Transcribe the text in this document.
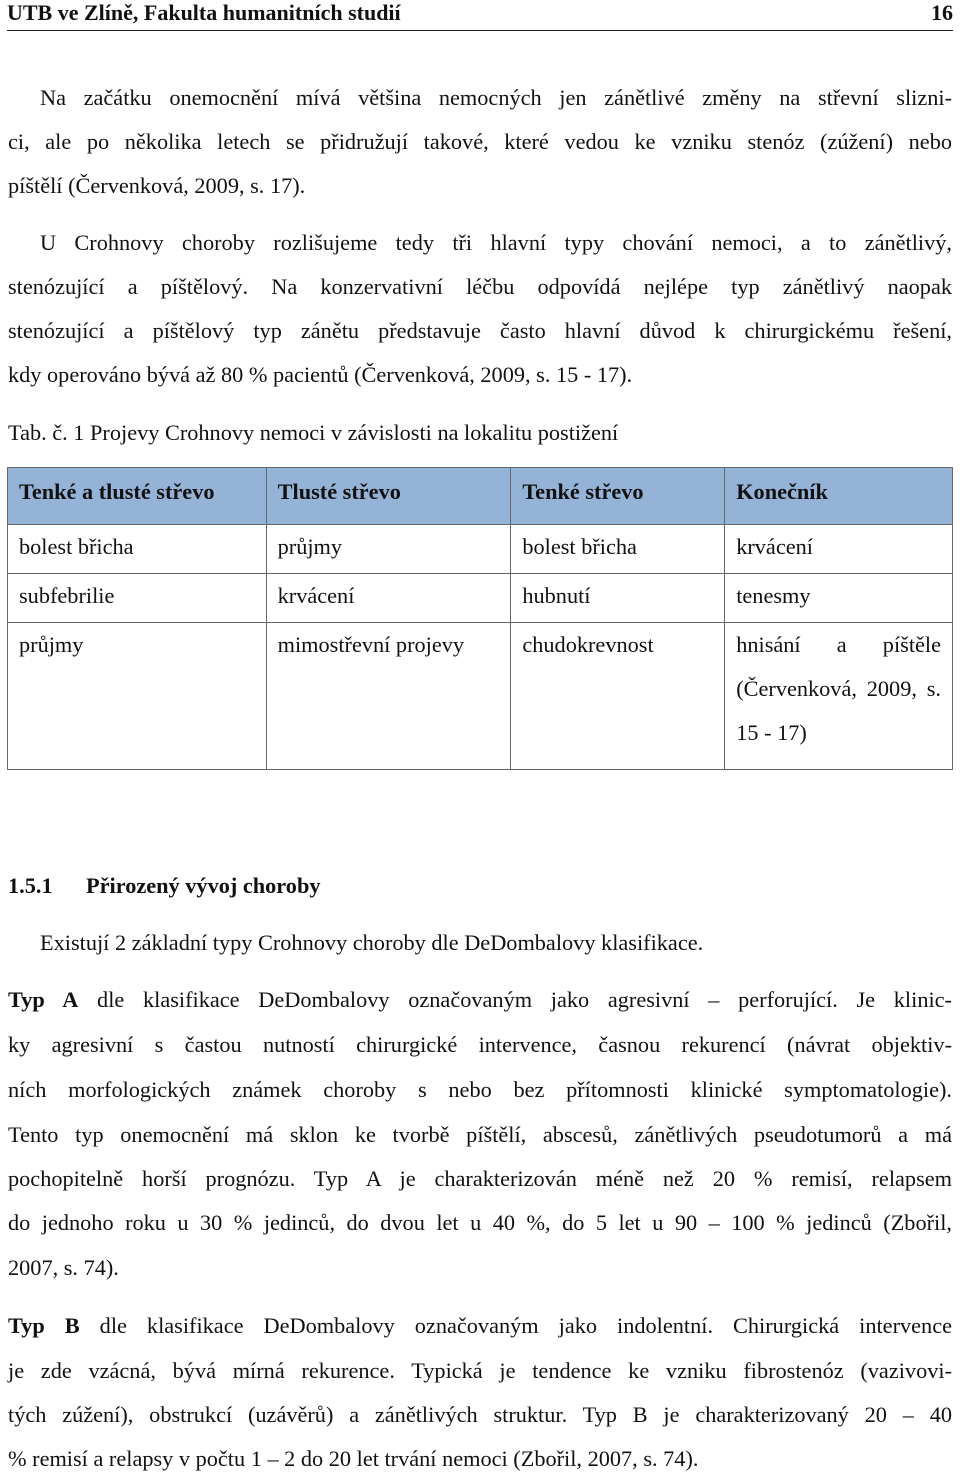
UTB ve Zlíně, Fakulta humanitních studií	16
Na začátku onemocnění mívá většina nemocných jen zánětlivé změny na střevní slizni-
ci, ale po několika letech se přidružují takové, které vedou ke vzniku stenóz (zúžení) nebo
píštělí (Červenková, 2009, s. 17).
U Crohnovy choroby rozlišujeme tedy tři hlavní typy chování nemoci, a to zánětlivý,
stenózující a píštělový. Na konzervativní léčbu odpovídá nejlépe typ zánětlivý naopak
stenózující a píštělový typ zánětu představuje často hlavní důvod k chirurgickému řešení,
kdy operováno bývá až 80 % pacientů (Červenková, 2009, s. 15 - 17).
Tab. č. 1 Projevy Crohnovy nemoci v závislosti na lokalitu postižení
Tenké a tlusté střevo	Tlusté střevo	Tenké střevo	Konečník
bolest břicha	průjmy	bolest břicha	krvácení
subfebrilie	krvácení	hubnutí	tenesmy
průjmy	mimostřevní projevy	chudokrevnost	hnisání a píštěle (Červenková, 2009, s. 15 - 17)
1.5.1 Přirozený vývoj choroby
Existují 2 základní typy Crohnovy choroby dle DeDombalovy klasifikace.
Typ A dle klasifikace DeDombalovy označovaným jako agresivní – perforující. Je klinic-
ky agresivní s častou nutností chirurgické intervence, časnou rekurencí (návrat objektiv-
ních morfologických známek choroby s nebo bez přítomnosti klinické symptomatologie).
Tento typ onemocnění má sklon ke tvorbě píštělí, abscesů, zánětlivých pseudotumorů a má
pochopitelně horší prognózu. Typ A je charakterizován méně než 20 % remisí, relapsem
do jednoho roku u 30 % jedinců, do dvou let u 40 %, do 5 let u 90 – 100 % jedinců (Zbořil,
2007, s. 74).
Typ B dle klasifikace DeDombalovy označovaným jako indolentní. Chirurgická intervence
je zde vzácná, bývá mírná rekurence. Typická je tendence ke vzniku fibrostenóz (vazivovi-
tých zúžení), obstrukcí (uzávěrů) a zánětlivých struktur. Typ B je charakterizovaný 20 – 40
% remisí a relapsy v počtu 1 – 2 do 20 let trvání nemoci (Zbořil, 2007, s. 74).
